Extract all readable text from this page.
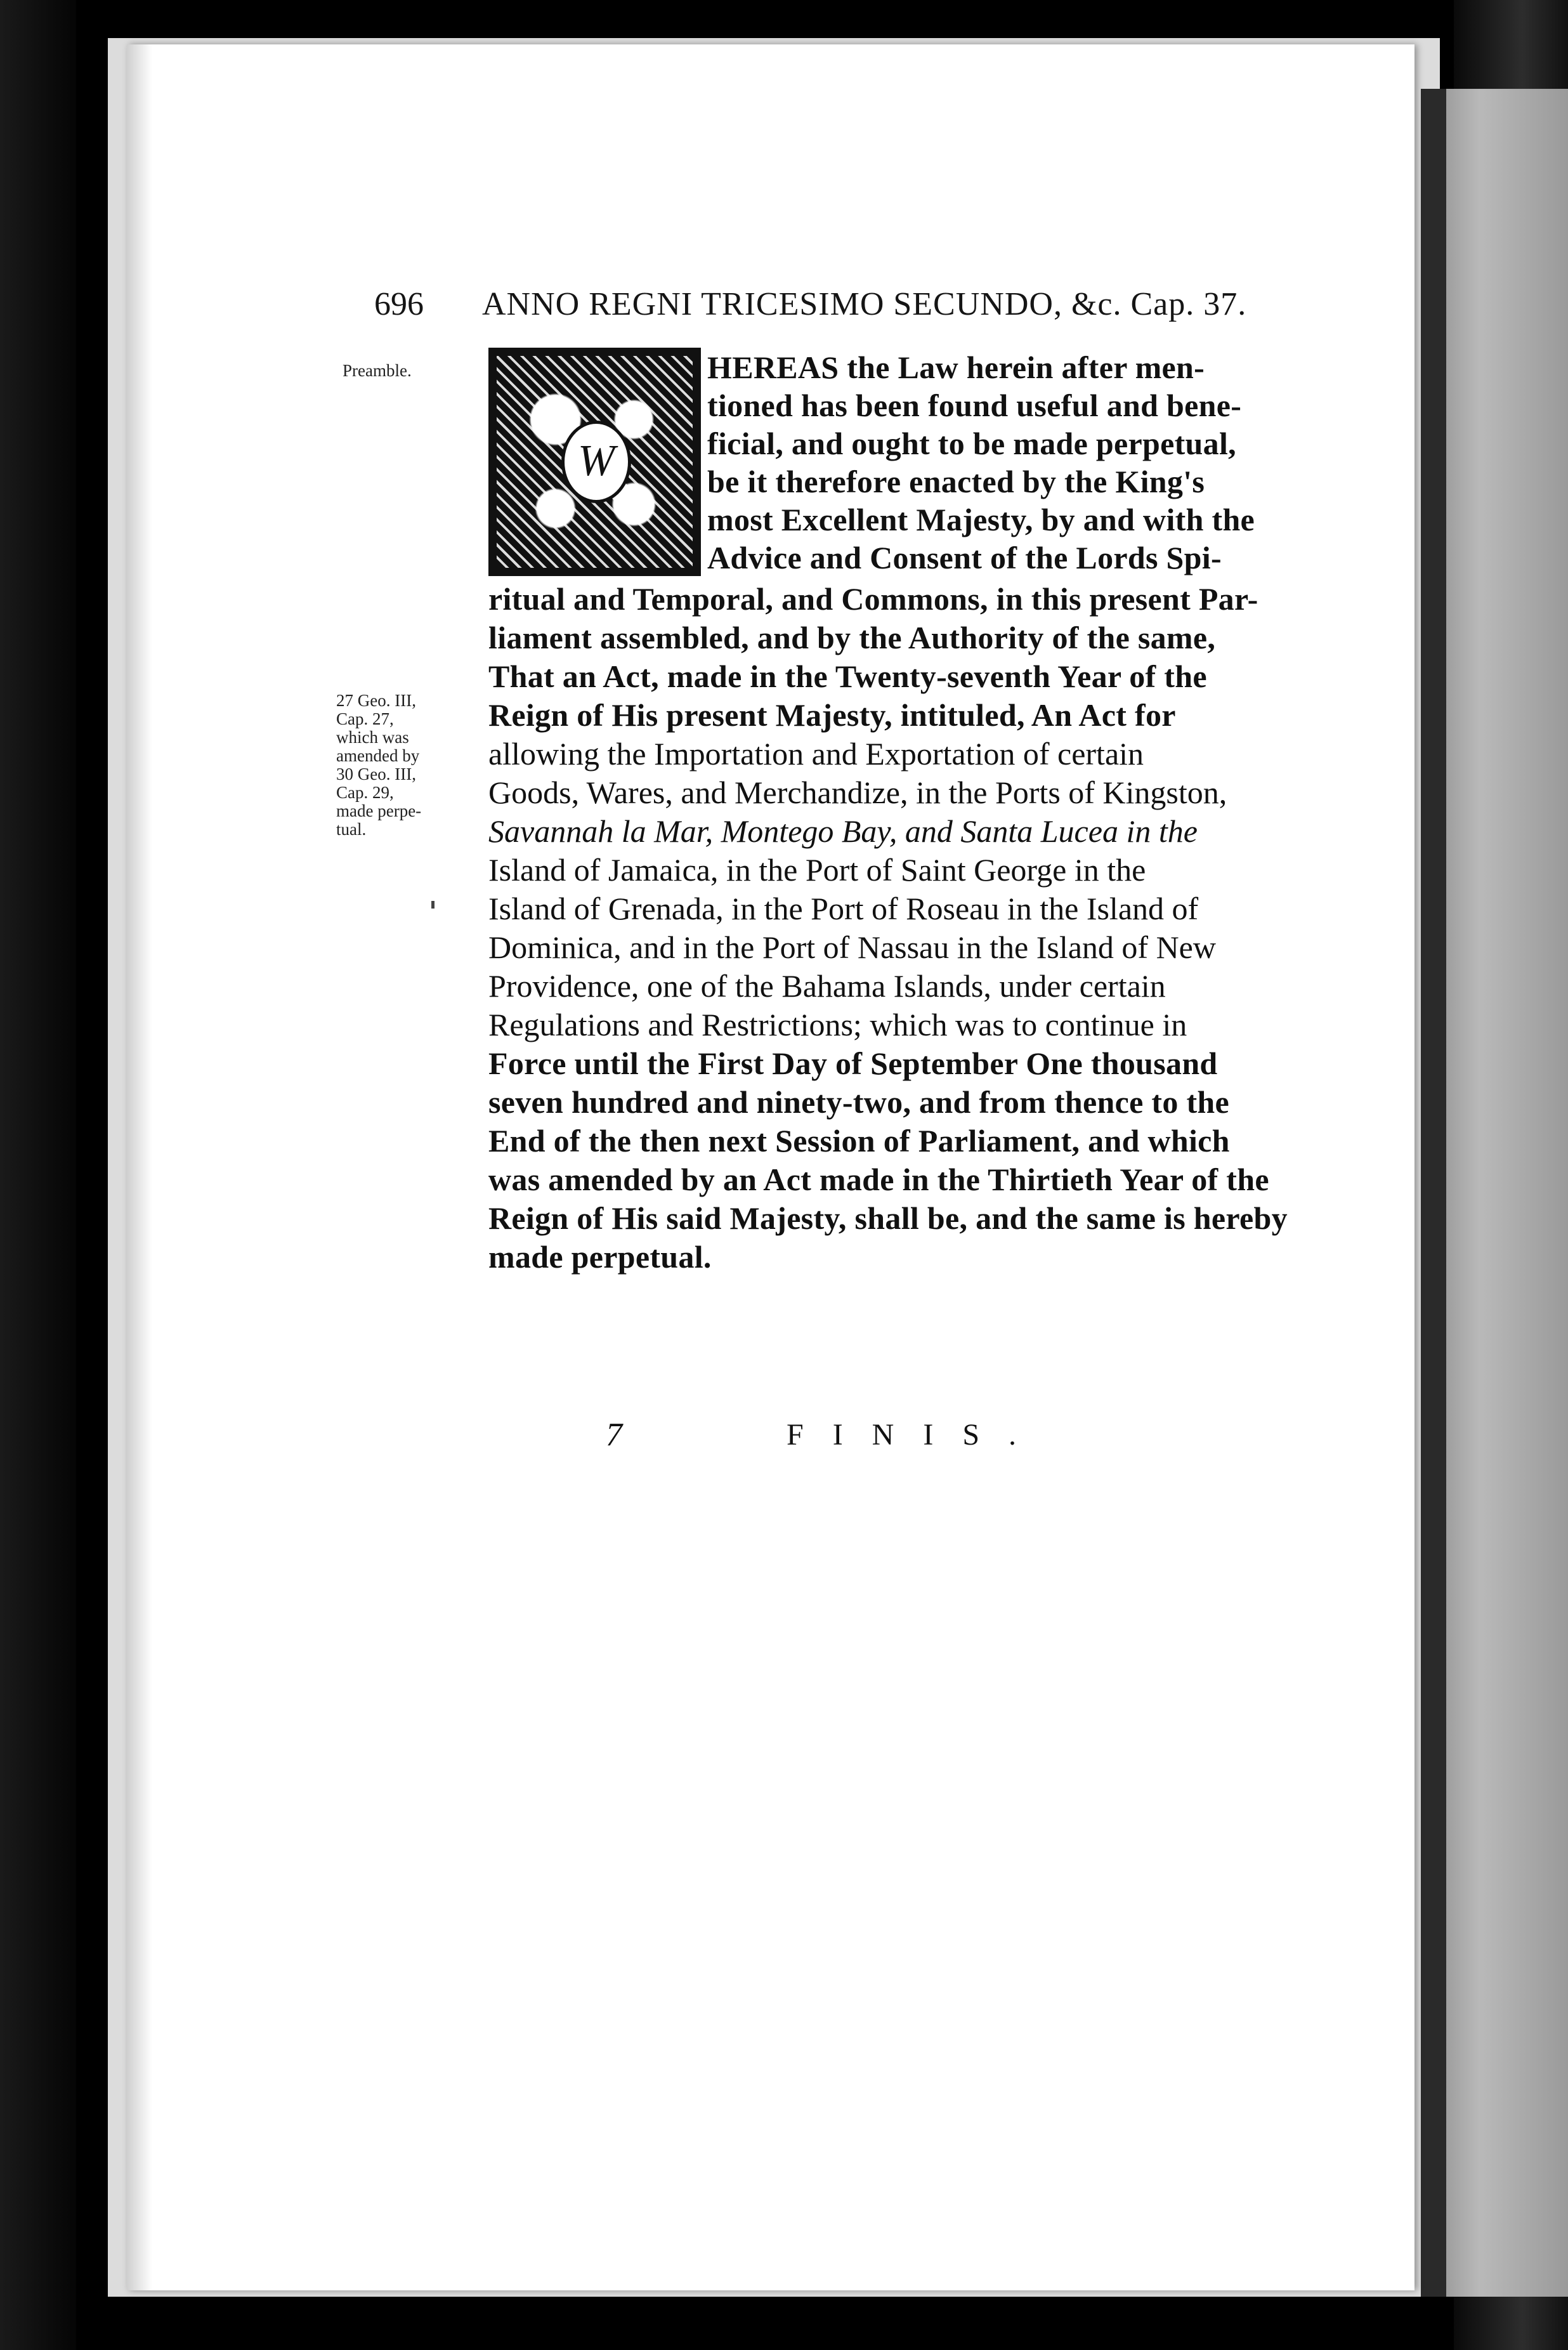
696 ANNO REGNI TRICESIMO SECUNDO, &c. Cap. 37.
Preamble.
27 Geo. III,
Cap. 27,
which was
amended by
30 Geo. III,
Cap. 29,
made perpe-
tual.
W
HEREAS the Law herein after men-
tioned has been found useful and bene-
ficial, and ought to be made perpetual,
be it therefore enacted by the King's
most Excellent Majesty, by and with the
Advice and Consent of the Lords Spi-
ritual and Temporal, and Commons, in this present Par-
liament assembled, and by the Authority of the same,
That an Act, made in the Twenty-seventh Year of the
Reign of His present Majesty, intituled, An Act for
allowing the Importation and Exportation of certain
Goods, Wares, and Merchandize, in the Ports of Kingston,
Savannah la Mar, Montego Bay, and Santa Lucea in the
Island of Jamaica, in the Port of Saint George in the
Island of Grenada, in the Port of Roseau in the Island of
Dominica, and in the Port of Nassau in the Island of New
Providence, one of the Bahama Islands, under certain
Regulations and Restrictions; which was to continue in
Force until the First Day of September One thousand
seven hundred and ninety-two, and from thence to the
End of the then next Session of Parliament, and which
was amended by an Act made in the Thirtieth Year of the
Reign of His said Majesty, shall be, and the same is hereby
made perpetual.
7	FINIS.
